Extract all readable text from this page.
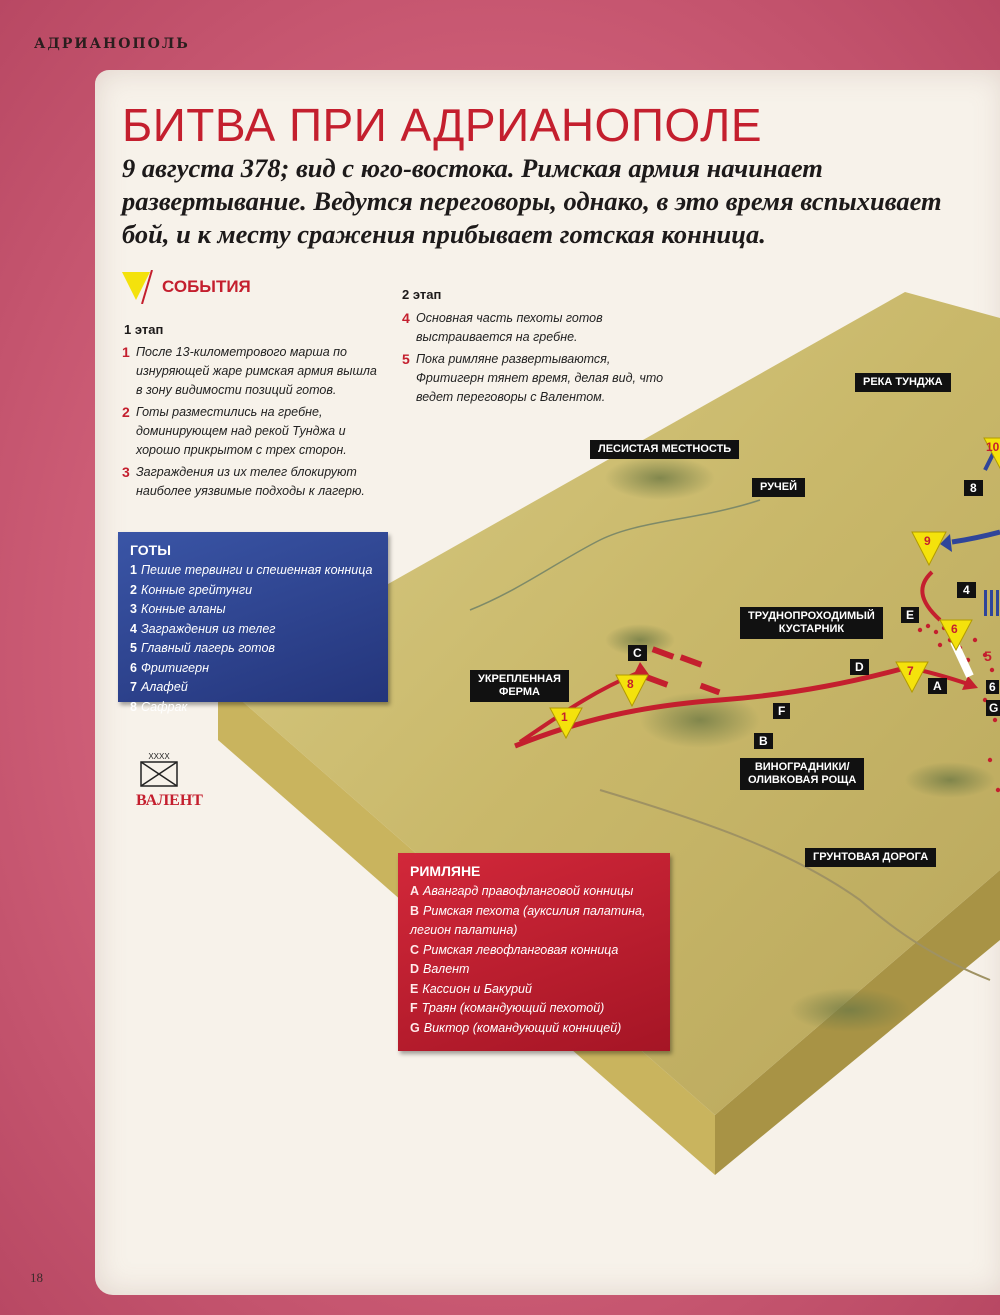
АДРИАНОПОЛЬ
1
8
9
7
6
10
8
4
5
6
A
B
C
D
E
F	G
РЕКА ТУНДЖА
ЛЕСИСТАЯ МЕСТНОСТЬ
РУЧЕЙ
ТРУДНОПРОХОДИМЫЙ
КУСТАРНИК
УКРЕПЛЕННАЯ
ФЕРМА
ВИНОГРАДНИКИ/
ОЛИВКОВАЯ РОЩА
ГРУНТОВАЯ ДОРОГА
БИТВА ПРИ АДРИАНОПОЛЕ
9 августа 378; вид с юго-востока. Римская армия начинает развертывание. Ведутся переговоры, однако, в это время вспыхивает бой, и к месту сражения прибывает готская конница.
СОБЫТИЯ
1 этап
1 После 13-километрового марша по изнуряющей жаре римская армия вышла в зону видимости позиций готов.
2 Готы разместились на гребне, доминирующем над рекой Тунджа и хорошо прикрытом с трех сторон.
3 Заграждения из их телег блокируют наиболее уязвимые подходы к лагерю.
2 этап
4 Основная часть пехоты готов выстраивается на гребне.
5 Пока римляне развертываются, Фритигерн тянет время, делая вид, что ведет переговоры с Валентом.
ГОТЫ
1 Пешие тервинги и спешенная конница
2 Конные грейтунги
3 Конные аланы
4 Заграждения из телег
5 Главный лагерь готов
6 Фритигерн
7 Алафей
8 Сафрак
XXXX
ВАЛЕНТ
РИМЛЯНЕ
A Авангард правофланговой конницы
B Римская пехота (ауксилия палатина, легион палатина)
C Римская левофланговая конница
D Валент
E Кассион и Бакурий
F Траян (командующий пехотой)
G Виктор (командующий конницей)
18
